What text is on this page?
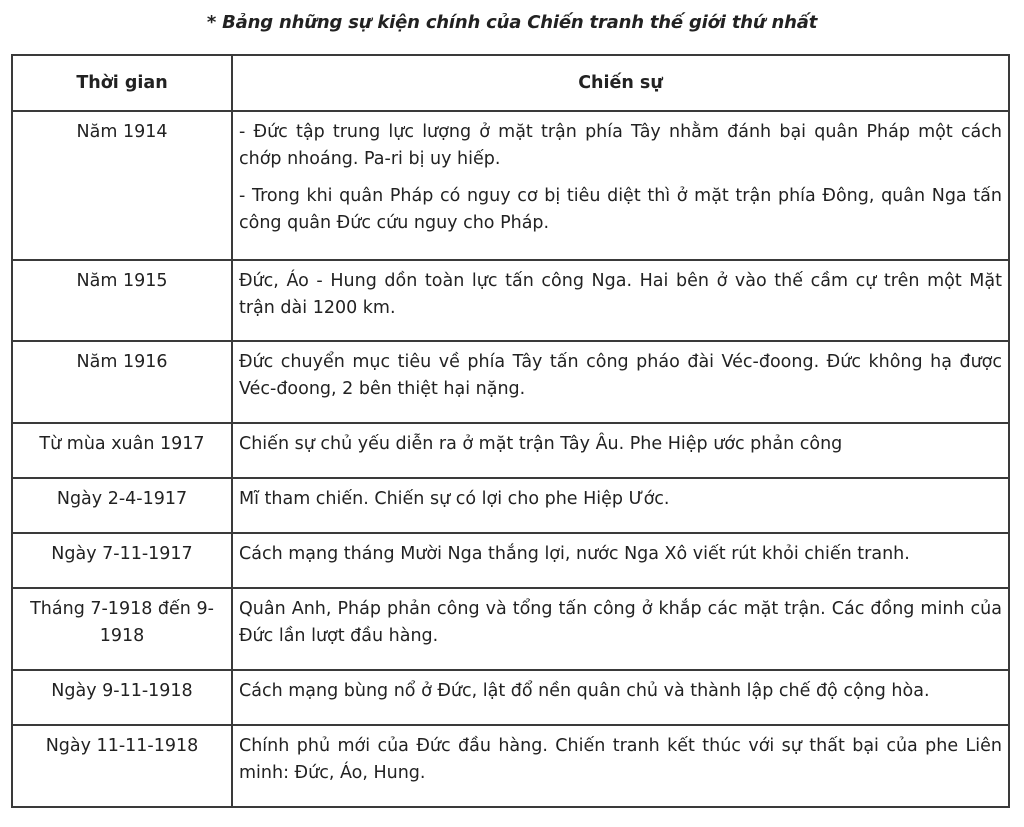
* Bảng những sự kiện chính của Chiến tranh thế giới thứ nhất
Thời gian	Chiến sự
Năm 1914	- Đức tập trung lực lượng ở mặt trận phía Tây nhằm đánh bại quân Pháp một cách chớp nhoáng. Pa-ri bị uy hiếp.

- Trong khi quân Pháp có nguy cơ bị tiêu diệt thì ở mặt trận phía Đông, quân Nga tấn công quân Đức cứu nguy cho Pháp.

Năm 1915	Đức, Áo - Hung dồn toàn lực tấn công Nga. Hai bên ở vào thế cầm cự trên một Mặt trận dài 1200 km.

Năm 1916	Đức chuyển mục tiêu về phía Tây tấn công pháo đài Véc-đoong. Đức không hạ được Véc-đoong, 2 bên thiệt hại nặng.

Từ mùa xuân 1917	Chiến sự chủ yếu diễn ra ở mặt trận Tây Âu. Phe Hiệp ước phản công

Ngày 2-4-1917	Mĩ tham chiến. Chiến sự có lợi cho phe Hiệp Ước.

Ngày 7-11-1917	Cách mạng tháng Mười Nga thắng lợi, nước Nga Xô viết rút khỏi chiến tranh.

Tháng 7-1918 đến 9-1918	Quân Anh, Pháp phản công và tổng tấn công ở khắp các mặt trận. Các đồng minh của Đức lần lượt đầu hàng.

Ngày 9-11-1918	Cách mạng bùng nổ ở Đức, lật đổ nền quân chủ và thành lập chế độ cộng hòa.

Ngày 11-11-1918	Chính phủ mới của Đức đầu hàng. Chiến tranh kết thúc với sự thất bại của phe Liên minh: Đức, Áo, Hung.
